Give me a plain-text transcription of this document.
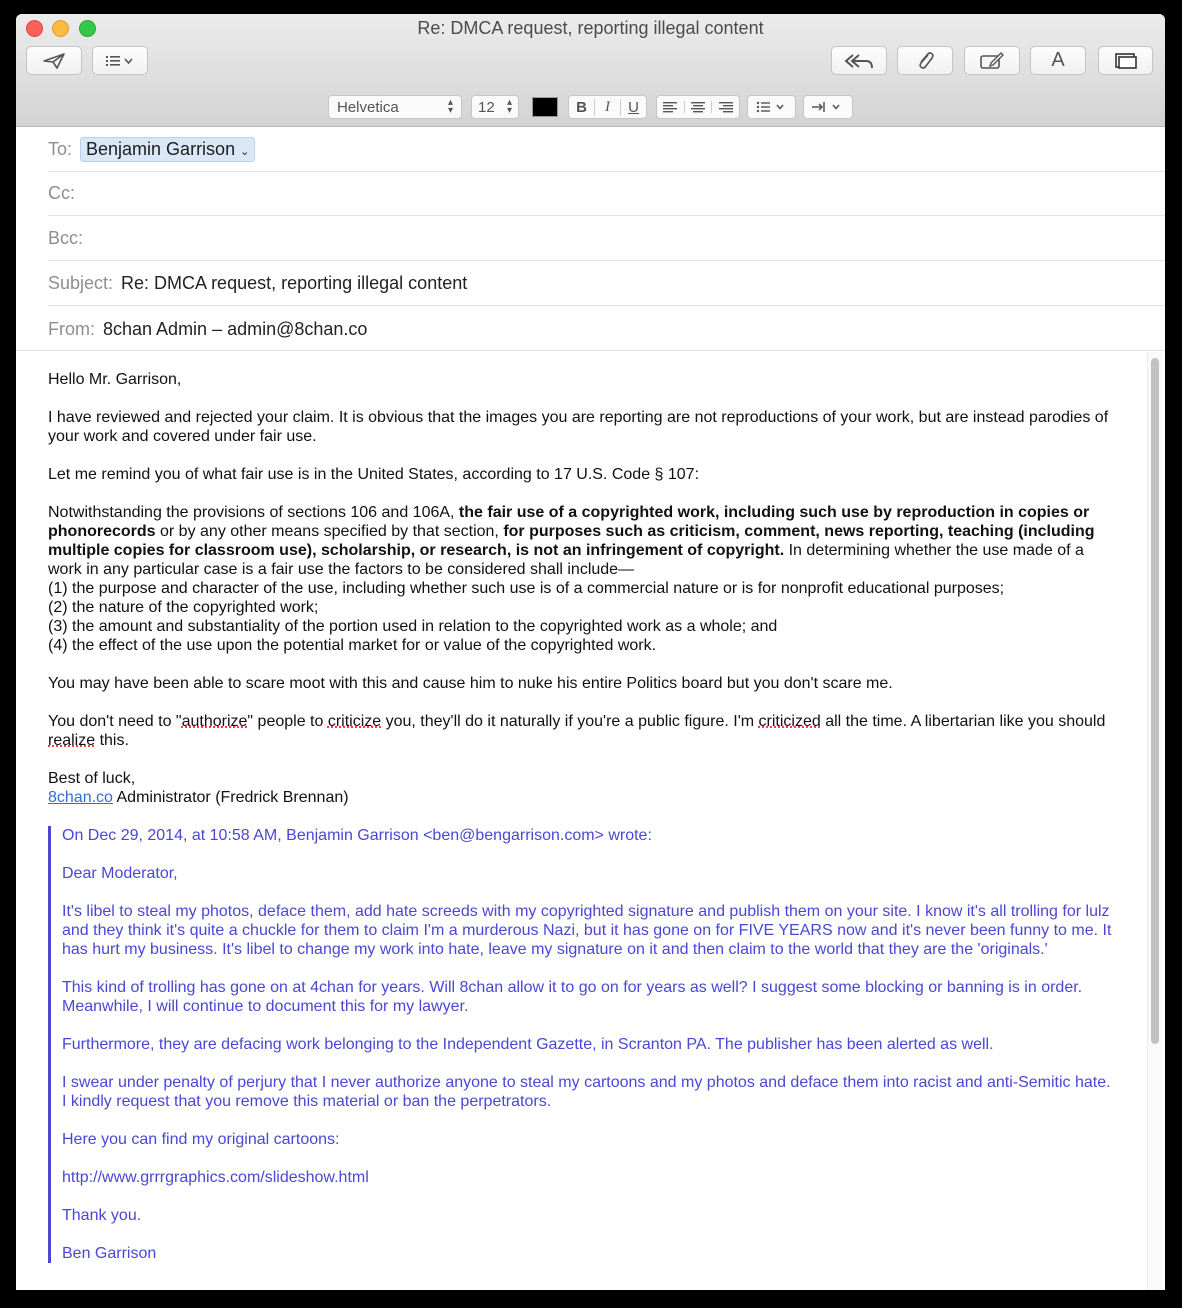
Re: DMCA request, reporting illegal content
A
Helvetica	▴
▾ 12 ▴
▾	B	I	U
To: Benjamin Garrison ⌄
Cc:
Bcc:
Subject: Re: DMCA request, reporting illegal content
From: 8chan Admin – admin@8chan.co

Hello Mr. Garrison,

I have reviewed and rejected your claim. It is obvious that the images you are reporting are not reproductions of your work, but are instead parodies of your work and covered under fair use.

Let me remind you of what fair use is in the United States, according to 17 U.S. Code § 107:

Notwithstanding the provisions of sections 106 and 106A, the fair use of a copyrighted work, including such use by reproduction in copies or phonorecords or by any other means specified by that section, for purposes such as criticism, comment, news reporting, teaching (including multiple copies for classroom use), scholarship, or research, is not an infringement of copyright. In determining whether the use made of a work in any particular case is a fair use the factors to be considered shall include—
(1) the purpose and character of the use, including whether such use is of a commercial nature or is for nonprofit educational purposes;
(2) the nature of the copyrighted work;
(3) the amount and substantiality of the portion used in relation to the copyrighted work as a whole; and
(4) the effect of the use upon the potential market for or value of the copyrighted work.

You may have been able to scare moot with this and cause him to nuke his entire Politics board but you don't scare me.

You don't need to "authorize" people to criticize you, they'll do it naturally if you're a public figure. I'm criticized all the time. A libertarian like you should realize this.

Best of luck,
8chan.co Administrator (Fredrick Brennan)

On Dec 29, 2014, at 10:58 AM, Benjamin Garrison <ben@bengarrison.com> wrote:

Dear Moderator,

It's libel to steal my photos, deface them, add hate screeds with my copyrighted signature and publish them on your site. I know it's all trolling for lulz and they think it's quite a chuckle for them to claim I'm a murderous Nazi, but it has gone on for FIVE YEARS now and it's never been funny to me. It has hurt my business. It's libel to change my work into hate, leave my signature on it and then claim to the world that they are the 'originals.'

This kind of trolling has gone on at 4chan for years. Will 8chan allow it to go on for years as well? I suggest some blocking or banning is in order. Meanwhile, I will continue to document this for my lawyer.

Furthermore, they are defacing work belonging to the Independent Gazette, in Scranton PA. The publisher has been alerted as well.

I swear under penalty of perjury that I never authorize anyone to steal my cartoons and my photos and deface them into racist and anti-Semitic hate. I kindly request that you remove this material or ban the perpetrators.

Here you can find my original cartoons:

http://www.grrrgraphics.com/slideshow.html

Thank you.

Ben Garrison
